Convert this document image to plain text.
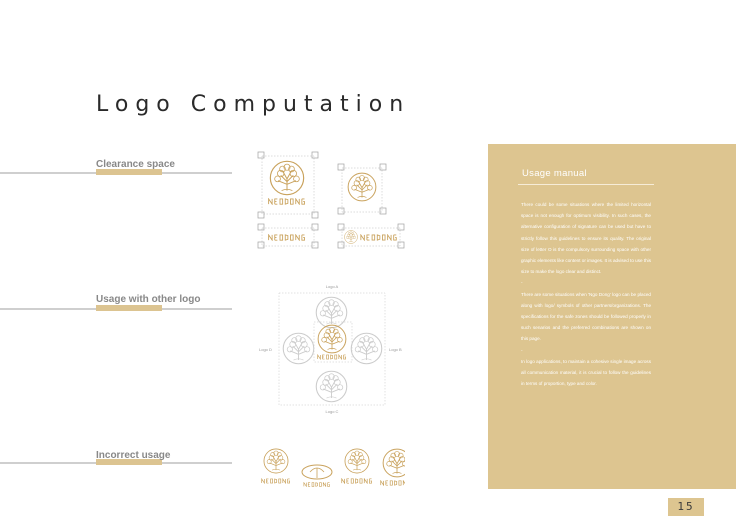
Logo Computation
Clearance space
Usage with other logo
Incorrect usage
Logo A
Logo D	Logo B
Logo C
Usage manual

There could be some situations where the limited horizontal space is not enough for optimum visibility. In such cases, the alternative configuration of signature can be used but have to strictly follow this guidelines to ensure its quality. The original size of letter O is the compulsory surrounding space with other graphic elements like content or images. It is advised to use this size to make the logo clear and distinct.

-

There are some situations when 'Ngo Dong' logo can be placed along with logo/ symbols of other partners/organizations. The specifications for the safe zones should be followed properly in such senarios and the preferred combinations are shown on this page.

-

In logo applications, to maintain a cohesive single image across all communication material, it is crucial to follow the guidelines in terms of proportion, type and color.

15
